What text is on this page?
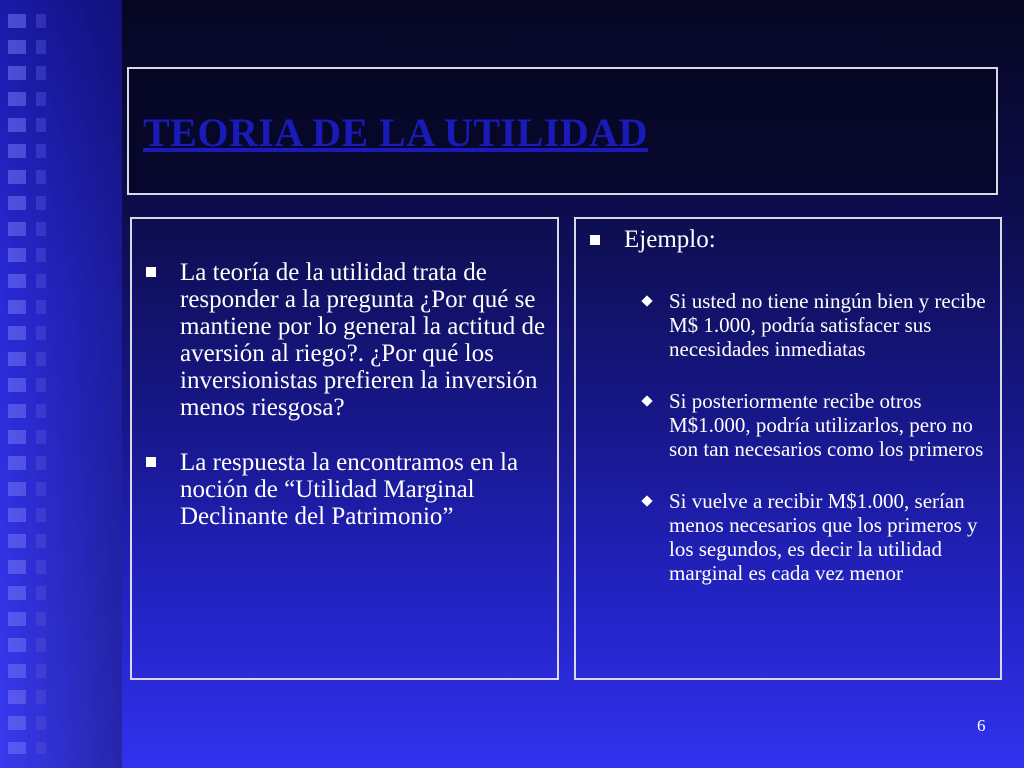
TEORIA DE LA UTILIDAD
La teoría de la utilidad trata de responder a la pregunta ¿Por qué se mantiene por lo general la actitud de aversión al riego?. ¿Por qué los inversionistas prefieren la inversión menos riesgosa?
La respuesta la encontramos en la noción de “Utilidad Marginal Declinante del Patrimonio”
Ejemplo:
Si usted no tiene ningún bien y recibe M$ 1.000, podría satisfacer sus necesidades inmediatas
Si posteriormente recibe otros M$1.000, podría utilizarlos, pero no son tan necesarios como los primeros
Si vuelve a recibir M$1.000, serían menos necesarios que los primeros y los segundos, es decir la utilidad marginal es cada vez menor
6
